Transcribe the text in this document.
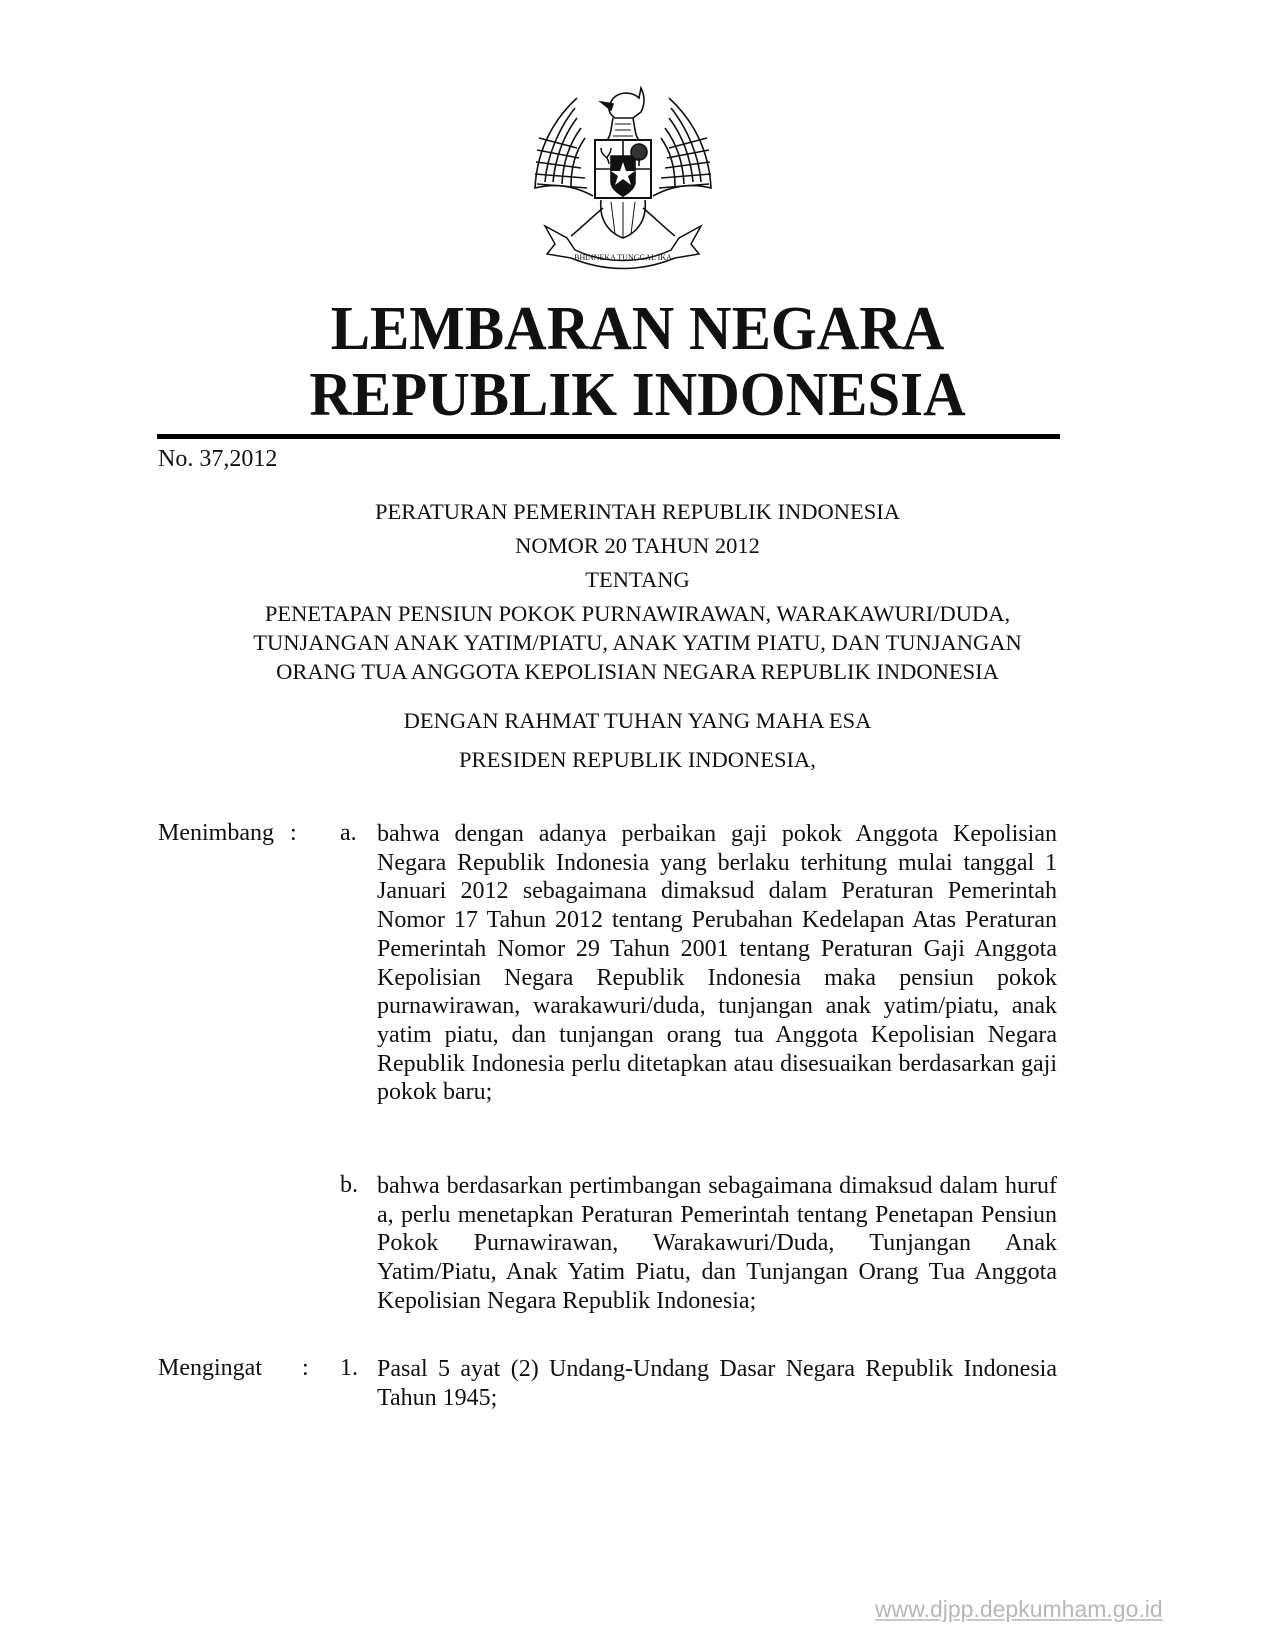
BHINNEKA TUNGGAL IKA
LEMBARAN NEGARA
REPUBLIK INDONESIA
No. 37,2012
PERATURAN PEMERINTAH REPUBLIK INDONESIA
NOMOR 20 TAHUN 2012
TENTANG
PENETAPAN PENSIUN POKOK PURNAWIRAWAN, WARAKAWURI/DUDA,
TUNJANGAN ANAK YATIM/PIATU, ANAK YATIM PIATU, DAN TUNJANGAN
ORANG TUA ANGGOTA KEPOLISIAN NEGARA REPUBLIK INDONESIA
DENGAN RAHMAT TUHAN YANG MAHA ESA
PRESIDEN REPUBLIK INDONESIA,
Menimbang : a. bahwa dengan adanya perbaikan gaji pokok Anggota Kepolisian Negara Republik Indonesia yang berlaku terhitung mulai tanggal 1 Januari 2012 sebagaimana dimaksud dalam Peraturan Pemerintah Nomor 17 Tahun 2012 tentang Perubahan Kedelapan Atas Peraturan Pemerintah Nomor 29 Tahun 2001 tentang Peraturan Gaji Anggota Kepolisian Negara Republik Indonesia maka pensiun pokok purnawirawan, warakawuri/duda, tunjangan anak yatim/piatu, anak yatim piatu, dan tunjangan orang tua Anggota Kepolisian Negara Republik Indonesia perlu ditetapkan atau disesuaikan berdasarkan gaji pokok baru;
b. bahwa berdasarkan pertimbangan sebagaimana dimaksud dalam huruf a, perlu menetapkan Peraturan Pemerintah tentang Penetapan Pensiun Pokok Purnawirawan, Warakawuri/Duda, Tunjangan Anak Yatim/Piatu, Anak Yatim Piatu, dan Tunjangan Orang Tua Anggota Kepolisian Negara Republik Indonesia;
Mengingat : 1. Pasal 5 ayat (2) Undang-Undang Dasar Negara Republik Indonesia Tahun 1945;
www.djpp.depkumham.go.id
